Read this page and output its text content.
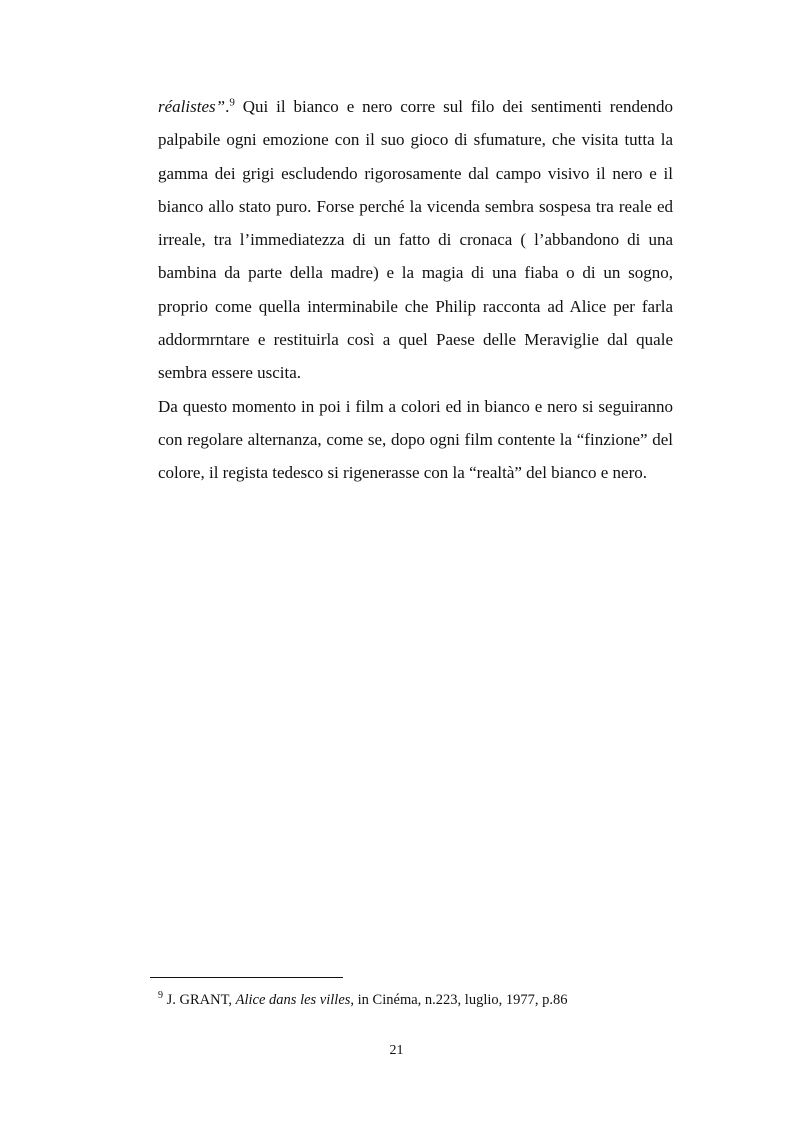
réalistes”.$^9$ Qui il bianco e nero corre sul filo dei sentimenti rendendo palpabile ogni emozione con il suo gioco di sfumature, che visita tutta la gamma dei grigi escludendo rigorosamente dal campo visivo il nero e il bianco allo stato puro. Forse perché la vicenda sembra sospesa tra reale ed irreale, tra l’immediatezza di un fatto di cronaca ( l’abbandono di una bambina da parte della madre) e la magia di una fiaba o di un sogno, proprio come quella interminabile che Philip racconta ad Alice per farla addormrntare e restituirla così a quel Paese delle Meraviglie dal quale sembra essere uscita.

Da questo momento in poi i film a colori ed in bianco e nero si seguiranno con regolare alternanza, come se, dopo ogni film contente la “finzione” del colore, il regista tedesco si rigenerasse con la “realtà” del bianco e nero.

$^9$ J. GRANT, Alice dans les villes, in Cinéma, n.223, luglio, 1977, p.86
21
